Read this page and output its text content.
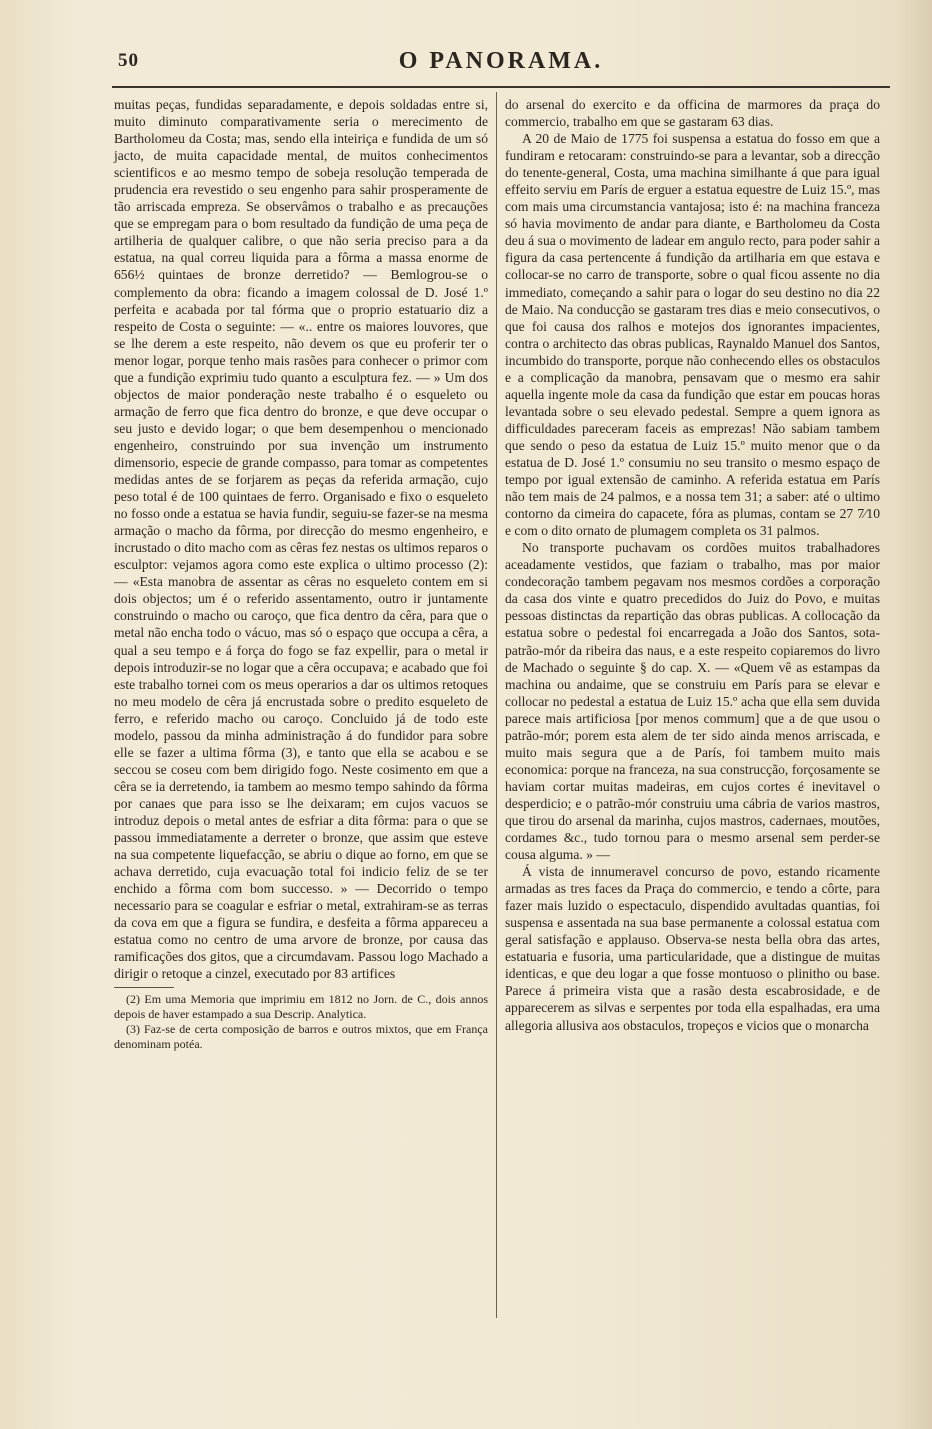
50	O PANORAMA.

muitas peças, fundidas separadamente, e depois soldadas entre si, muito diminuto comparativamente seria o merecimento de Bartholomeu da Costa; mas, sendo ella inteiriça e fundida de um só jacto, de muita capacidade mental, de muitos conhecimentos scientificos e ao mesmo tempo de sobeja resolução temperada de prudencia era revestido o seu engenho para sahir prosperamente de tão arriscada empreza. Se observâmos o trabalho e as precauções que se empregam para o bom resultado da fundição de uma peça de artilheria de qualquer calibre, o que não seria preciso para a da estatua, na qual correu liquida para a fôrma a massa enorme de 656½ quintaes de bronze derretido? — Bemlogrou-se o complemento da obra: ficando a imagem colossal de D. José 1.º perfeita e acabada por tal fórma que o proprio estatuario diz a respeito de Costa o seguinte: — «.. entre os maiores louvores, que se lhe derem a este respeito, não devem os que eu proferir ter o menor logar, porque tenho mais rasões para conhecer o primor com que a fundição exprimiu tudo quanto a esculptura fez. — » Um dos objectos de maior ponderação neste trabalho é o esqueleto ou armação de ferro que fica dentro do bronze, e que deve occupar o seu justo e devido logar; o que bem desempenhou o mencionado engenheiro, construindo por sua invenção um instrumento dimensorio, especie de grande compasso, para tomar as competentes medidas antes de se forjarem as peças da referida armação, cujo peso total é de 100 quintaes de ferro. Organisado e fixo o esqueleto no fosso onde a estatua se havia fundir, seguiu-se fazer-se na mesma armação o macho da fôrma, por direcção do mesmo engenheiro, e incrustado o dito macho com as cêras fez nestas os ultimos reparos o esculptor: vejamos agora como este explica o ultimo processo (2): — «Esta manobra de assentar as cêras no esqueleto contem em si dois objectos; um é o referido assentamento, outro ir juntamente construindo o macho ou caroço, que fica dentro da cêra, para que o metal não encha todo o vácuo, mas só o espaço que occupa a cêra, a qual a seu tempo e á força do fogo se faz expellir, para o metal ir depois introduzir-se no logar que a cêra occupava; e acabado que foi este trabalho tornei com os meus operarios a dar os ultimos retoques no meu modelo de cêra já encrustada sobre o predito esqueleto de ferro, e referido macho ou caroço. Concluido já de todo este modelo, passou da minha administração á do fundidor para sobre elle se fazer a ultima fôrma (3), e tanto que ella se acabou e se seccou se coseu com bem dirigido fogo. Neste cosimento em que a cêra se ia derretendo, ia tambem ao mesmo tempo sahindo da fôrma por canaes que para isso se lhe deixaram; em cujos vacuos se introduz depois o metal antes de esfriar a dita fôrma: para o que se passou immediatamente a derreter o bronze, que assim que esteve na sua competente liquefacção, se abriu o dique ao forno, em que se achava derretido, cuja evacuação total foi indicio feliz de se ter enchido a fôrma com bom successo. » — Decorrido o tempo necessario para se coagular e esfriar o metal, extrahiram-se as terras da cova em que a figura se fundira, e desfeita a fôrma appareceu a estatua como no centro de uma arvore de bronze, por causa das ramificações dos gitos, que a circumdavam. Passou logo Machado a dirigir o retoque a cinzel, executado por 83 artifices

(2) Em uma Memoria que imprimiu em 1812 no Jorn. de C., dois annos depois de haver estampado a sua Descrip. Analytica.

(3) Faz-se de certa composição de barros e outros mixtos, que em França denominam potéa.

do arsenal do exercito e da officina de marmores da praça do commercio, trabalho em que se gastaram 63 dias.

A 20 de Maio de 1775 foi suspensa a estatua do fosso em que a fundiram e retocaram: construindo-se para a levantar, sob a direcção do tenente-general, Costa, uma machina similhante á que para igual effeito serviu em París de erguer a estatua equestre de Luiz 15.º, mas com mais uma circumstancia vantajosa; isto é: na machina franceza só havia movimento de andar para diante, e Bartholomeu da Costa deu á sua o movimento de ladear em angulo recto, para poder sahir a figura da casa pertencente á fundição da artilharia em que estava e collocar-se no carro de transporte, sobre o qual ficou assente no dia immediato, começando a sahir para o logar do seu destino no dia 22 de Maio. Na conducção se gastaram tres dias e meio consecutivos, o que foi causa dos ralhos e motejos dos ignorantes impacientes, contra o architecto das obras publicas, Raynaldo Manuel dos Santos, incumbido do transporte, porque não conhecendo elles os obstaculos e a complicação da manobra, pensavam que o mesmo era sahir aquella ingente mole da casa da fundição que estar em poucas horas levantada sobre o seu elevado pedestal. Sempre a quem ignora as difficuldades pareceram faceis as emprezas! Não sabiam tambem que sendo o peso da estatua de Luiz 15.º muito menor que o da estatua de D. José 1.º consumiu no seu transito o mesmo espaço de tempo por igual extensão de caminho. A referida estatua em París não tem mais de 24 palmos, e a nossa tem 31; a saber: até o ultimo contorno da cimeira do capacete, fóra as plumas, contam se 27 7⁄10 e com o dito ornato de plumagem completa os 31 palmos.

No transporte puchavam os cordões muitos trabalhadores aceadamente vestidos, que faziam o trabalho, mas por maior condecoração tambem pegavam nos mesmos cordões a corporação da casa dos vinte e quatro precedidos do Juiz do Povo, e muitas pessoas distinctas da repartição das obras publicas. A collocação da estatua sobre o pedestal foi encarregada a João dos Santos, sota-patrão-mór da ribeira das naus, e a este respeito copiaremos do livro de Machado o seguinte § do cap. X. — «Quem vê as estampas da machina ou andaime, que se construiu em París para se elevar e collocar no pedestal a estatua de Luiz 15.º acha que ella sem duvida parece mais artificiosa [por menos commum] que a de que usou o patrão-mór; porem esta alem de ter sido ainda menos arriscada, e muito mais segura que a de París, foi tambem muito mais economica: porque na franceza, na sua construcção, forçosamente se haviam cortar muitas madeiras, em cujos cortes é inevitavel o desperdicio; e o patrão-mór construiu uma cábria de varios mastros, que tirou do arsenal da marinha, cujos mastros, cadernaes, moutões, cordames &c., tudo tornou para o mesmo arsenal sem perder-se cousa alguma. » —

Á vista de innumeravel concurso de povo, estando ricamente armadas as tres faces da Praça do commercio, e tendo a côrte, para fazer mais luzido o espectaculo, dispendido avultadas quantias, foi suspensa e assentada na sua base permanente a colossal estatua com geral satisfação e applauso. Observa-se nesta bella obra das artes, estatuaria e fusoria, uma particularidade, que a distingue de muitas identicas, e que deu logar a que fosse montuoso o plinitho ou base. Parece á primeira vista que a rasão desta escabrosidade, e de apparecerem as silvas e serpentes por toda ella espalhadas, era uma allegoria allusiva aos obstaculos, tropeços e vicios que o monarcha
